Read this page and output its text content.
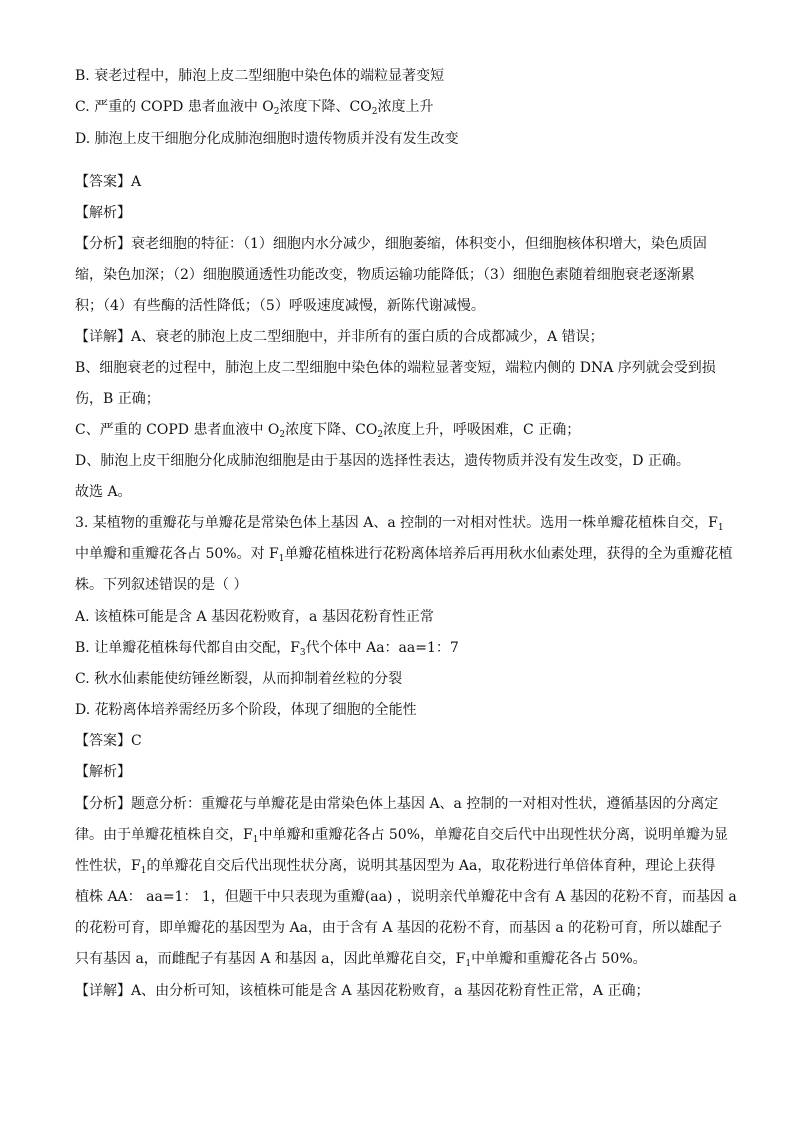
B. 衰老过程中，肺泡上皮二型细胞中染色体的端粒显著变短
C. 严重的 COPD 患者血液中 $O_2$浓度下降、$CO_2$浓度上升
D. 肺泡上皮干细胞分化成肺泡细胞时遗传物质并没有发生改变
【答案】A
【解析】
【分析】衰老细胞的特征：（1）细胞内水分减少，细胞萎缩，体积变小，但细胞核体积增大，染色质固
缩，染色加深；（2）细胞膜通透性功能改变，物质运输功能降低；（3）细胞色素随着细胞衰老逐渐累
积；（4）有些酶的活性降低；（5）呼吸速度减慢，新陈代谢减慢。
【详解】A、衰老的肺泡上皮二型细胞中，并非所有的蛋白质的合成都减少，A 错误；
B、细胞衰老的过程中，肺泡上皮二型细胞中染色体的端粒显著变短，端粒内侧的 DNA 序列就会受到损
伤，B 正确；
C、严重的 COPD 患者血液中 $O_2$浓度下降、$CO_2$浓度上升，呼吸困难，C 正确；
D、肺泡上皮干细胞分化成肺泡细胞是由于基因的选择性表达，遗传物质并没有发生改变，D 正确。
故选 A。
3. 某植物的重瓣花与单瓣花是常染色体上基因 A、a 控制的一对相对性状。选用一株单瓣花植株自交，$F_1$
中单瓣和重瓣花各占 50%。对 $F_1$单瓣花植株进行花粉离体培养后再用秋水仙素处理，获得的全为重瓣花植
株。下列叙述错误的是（ ）
A. 该植株可能是含 A 基因花粉败育，a 基因花粉育性正常
B. 让单瓣花植株每代都自由交配，$F_3$代个体中 Aa：aa=1：7
C. 秋水仙素能使纺锤丝断裂，从而抑制着丝粒的分裂
D. 花粉离体培养需经历多个阶段，体现了细胞的全能性
【答案】C
【解析】
【分析】题意分析：重瓣花与单瓣花是由常染色体上基因 A、a 控制的一对相对性状，遵循基因的分离定
律。由于单瓣花植株自交，$F_1$中单瓣和重瓣花各占 50%，单瓣花自交后代中出现性状分离，说明单瓣为显
性性状，$F_1$的单瓣花自交后代出现性状分离，说明其基因型为 Aa，取花粉进行单倍体育种，理论上获得
植株 AA： aa=1： 1，但题干中只表现为重瓣(aa) ，说明亲代单瓣花中含有 A 基因的花粉不育，而基因 a
的花粉可育，即单瓣花的基因型为 Aa，由于含有 A 基因的花粉不育，而基因 a 的花粉可育，所以雄配子
只有基因 a，而雌配子有基因 A 和基因 a，因此单瓣花自交，$F_1$中单瓣和重瓣花各占 50%。
【详解】A、由分析可知，该植株可能是含 A 基因花粉败育，a 基因花粉育性正常，A 正确；
